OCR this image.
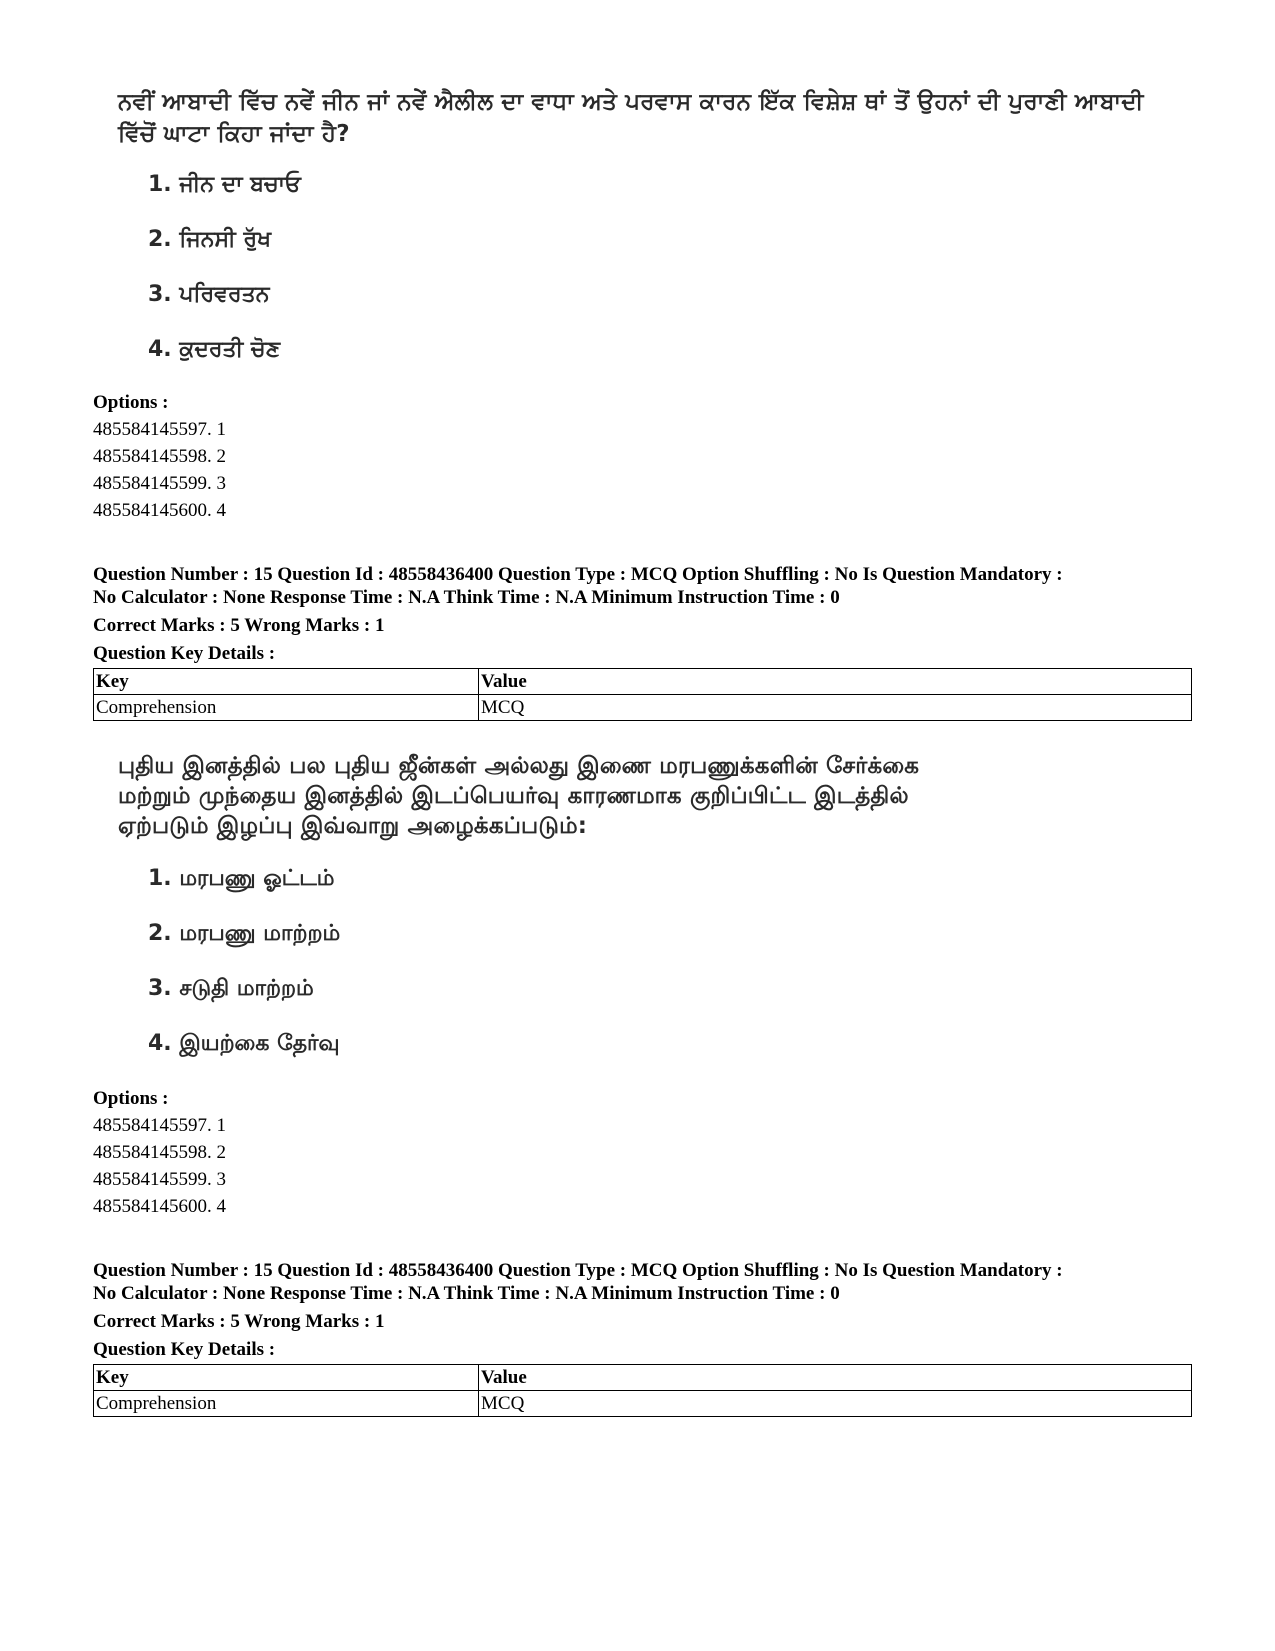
ਨਵੀਂ ਆਬਾਦੀ ਵਿੱਚ ਨਵੇਂ ਜੀਨ ਜਾਂ ਨਵੇਂ ਐਲੀਲ ਦਾ ਵਾਧਾ ਅਤੇ ਪਰਵਾਸ ਕਾਰਨ ਇੱਕ ਵਿਸ਼ੇਸ਼ ਥਾਂ ਤੋਂ ਉਹਨਾਂ ਦੀ ਪੁਰਾਣੀ ਆਬਾਦੀ ਵਿੱਚੋਂ ਘਾਟਾ ਕਿਹਾ ਜਾਂਦਾ ਹੈ?
1. ਜੀਨ ਦਾ ਬਚਾਓ
2. ਜਿਨਸੀ ਰੁੱਖ
3. ਪਰਿਵਰਤਨ
4. ਕੁਦਰਤੀ ਚੋਣ
Options :
485584145597. 1
485584145598. 2
485584145599. 3
485584145600. 4
Question Number : 15 Question Id : 48558436400 Question Type : MCQ Option Shuffling : No Is Question Mandatory :
No Calculator : None Response Time : N.A Think Time : N.A Minimum Instruction Time : 0
Correct Marks : 5 Wrong Marks : 1
Question Key Details :
Key	Value
Comprehension	MCQ
புதிய இனத்தில் பல புதிய ஜீன்கள் அல்லது இணை மரபணுக்களின் சேர்க்கை
மற்றும் முந்தைய இனத்தில் இடப்பெயர்வு காரணமாக குறிப்பிட்ட இடத்தில்
ஏற்படும் இழப்பு இவ்வாறு அழைக்கப்படும்:
1. மரபணு ஓட்டம்
2. மரபணு மாற்றம்
3. சடுதி மாற்றம்
4. இயற்கை தேர்வு
Options :
485584145597. 1
485584145598. 2
485584145599. 3
485584145600. 4
Question Number : 15 Question Id : 48558436400 Question Type : MCQ Option Shuffling : No Is Question Mandatory :
No Calculator : None Response Time : N.A Think Time : N.A Minimum Instruction Time : 0
Correct Marks : 5 Wrong Marks : 1
Question Key Details :
Key	Value
Comprehension	MCQ
